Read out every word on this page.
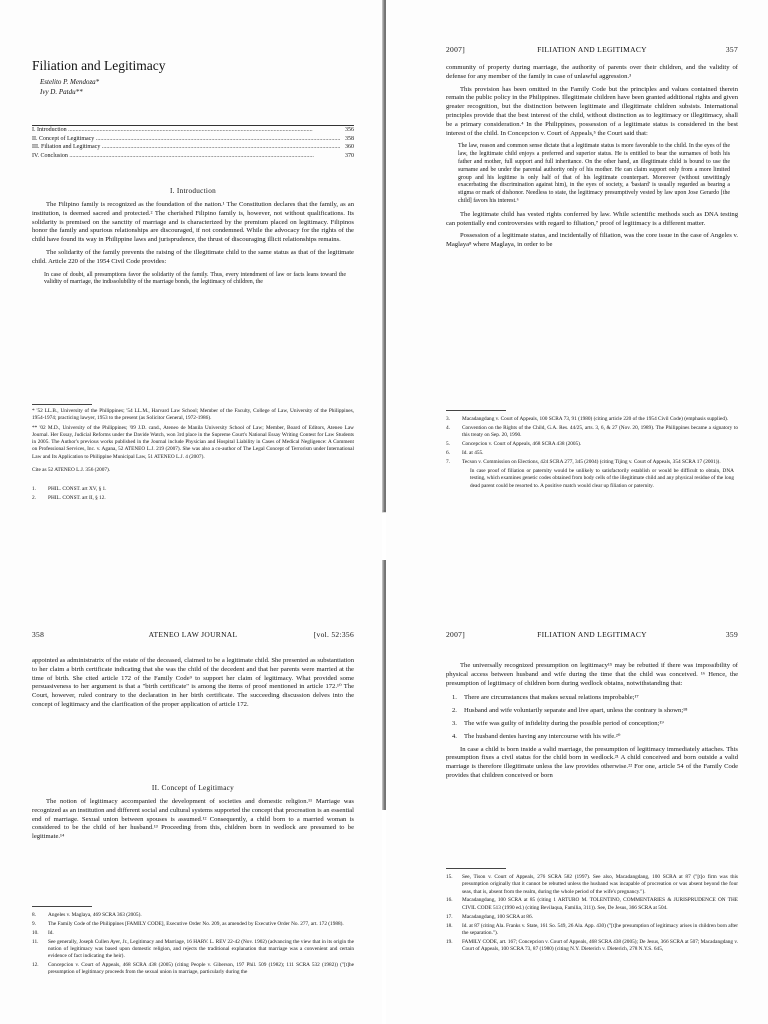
Filiation and Legitimacy
Estelito P. Mendoza*
Ivy D. Patdu**
I. Introduction .....	356
II. Concept of Legitimacy .....	358
III. Filiation and Legitimacy .....	360
IV. Conclusion .....	370
I. Introduction

The Filipino family is recognized as the foundation of the nation.¹ The Constitution declares that the family, as an institution, is deemed sacred and protected.² The cherished Filipino family is, however, not without qualifications. Its solidarity is premised on the sanctity of marriage and is characterized by the premium placed on legitimacy. Filipinos honor the family and spurious relationships are discouraged, if not condemned. While the advocacy for the rights of the child have found its way in Philippine laws and jurisprudence, the thrust of discouraging illicit relationships remains.

The solidarity of the family prevents the raising of the illegitimate child to the same status as that of the legitimate child. Article 220 of the 1954 Civil Code provides:

In case of doubt, all presumptions favor the solidarity of the family. Thus, every intendment of law or facts leans toward the validity of marriage, the indissolubility of the marriage bonds, the legitimacy of children, the

* '52 LL.B., University of the Philippines; '54 LL.M., Harvard Law School; Member of the Faculty, College of Law, University of the Philippines, 1954-1974; practicing lawyer, 1953 to the present (as Solicitor General, 1972-1986).

** '02 M.D., University of the Philippines; '09 J.D. cand., Ateneo de Manila University School of Law; Member, Board of Editors, Ateneo Law Journal. Her Essay, Judicial Reforms under the Davide Watch, won 3rd place in the Supreme Court's National Essay Writing Contest for Law Students in 2005. The Author's previous works published in the Journal include Physician and Hospital Liability in Cases of Medical Negligence: A Comment on Professional Services, Inc. v. Agana, 52 ATENEO L.J. 219 (2007). She was also a co-author of The Legal Concept of Terrorism under International Law and Its Application to Philippine Municipal Law, 51 ATENEO L.J. 4 (2007).

Cite as 52 ATENEO L.J. 356 (2007).

1. PHIL. CONST. art XV, § 1.
2. PHIL. CONST. art II, § 12.
2007]	FILIATION AND LEGITIMACY	357

community of property during marriage, the authority of parents over their children, and the validity of defense for any member of the family in case of unlawful aggression.³

This provision has been omitted in the Family Code but the principles and values contained therein remain the public policy in the Philippines. Illegitimate children have been granted additional rights and given greater recognition, but the distinction between legitimate and illegitimate children subsists. International principles provide that the best interest of the child, without distinction as to legitimacy or illegitimacy, shall be a primary consideration.⁴ In the Philippines, possession of a legitimate status is considered in the best interest of the child. In Concepcion v. Court of Appeals,⁵ the Court said that:

The law, reason and common sense dictate that a legitimate status is more favorable to the child. In the eyes of the law, the legitimate child enjoys a preferred and superior status. He is entitled to bear the surnames of both his father and mother, full support and full inheritance. On the other hand, an illegitimate child is bound to use the surname and be under the parental authority only of his mother. He can claim support only from a more limited group and his legitime is only half of that of his legitimate counterpart. Moreover (without unwittingly exacerbating the discrimination against him), in the eyes of society, a 'bastard' is usually regarded as bearing a stigma or mark of dishonor. Needless to state, the legitimacy presumptively vested by law upon Jose Gerardo [the child] favors his interest.⁶

The legitimate child has vested rights conferred by law. While scientific methods such as DNA testing can potentially end controversies with regard to filiation,⁷ proof of legitimacy is a different matter.

Possession of a legitimate status, and incidentally of filiation, was the core issue in the case of Angeles v. Maglaya⁸ where Maglaya, in order to be

3. Macadangdang v. Court of Appeals, 100 SCRA 73, 91 (1980) (citing article 220 of the 1954 Civil Code) (emphasis supplied).
4. Convention on the Rights of the Child, G.A. Res. 44/25, arts. 3, 6, & 27 (Nov. 20, 1989). The Philippines became a signatory to this treaty on Sep. 20, 1990.
5. Concepcion v. Court of Appeals, 468 SCRA 438 (2005).
6. Id. at 455.
7. Tecson v. Commission on Elections, 424 SCRA 277, 345 (2004) (citing Tijing v. Court of Appeals, 354 SCRA 17 (2001)).

In case proof of filiation or paternity would be unlikely to satisfactorily establish or would be difficult to obtain, DNA testing, which examines genetic codes obtained from body cells of the illegitimate child and any physical residue of the long dead parent could be resorted to. A positive match would clear up filiation or paternity.

358	ATENEO LAW JOURNAL	[vol. 52:356

appointed as administratrix of the estate of the deceased, claimed to be a legitimate child. She presented as substantiation to her claim a birth certificate indicating that she was the child of the decedent and that her parents were married at the time of birth. She cited article 172 of the Family Code⁹ to support her claim of legitimacy. What provided some persuasiveness to her argument is that a "birth certificate" is among the items of proof mentioned in article 172.¹⁰ The Court, however, ruled contrary to the declaration in her birth certificate. The succeeding discussion delves into the concept of legitimacy and the clarification of the proper application of article 172.

II. Concept of Legitimacy

The notion of legitimacy accompanied the development of societies and domestic religion.¹¹ Marriage was recognized as an institution and different social and cultural systems supported the concept that procreation is an essential end of marriage. Sexual union between spouses is assumed.¹² Consequently, a child born to a married woman is considered to be the child of her husband.¹³ Proceeding from this, children born in wedlock are presumed to be legitimate.¹⁴

8. Angeles v. Maglaya, 469 SCRA 363 (2005).
9. The Family Code of the Philippines [FAMILY CODE], Executive Order No. 209, as amended by Executive Order No. 277, art. 172 (1988).
10. Id.
11. See generally, Joseph Cullen Ayer, Jr., Legitimacy and Marriage, 16 HARV. L. REV 22-42 (Nov. 1902) (advancing the view that in its origin the notion of legitimacy was based upon domestic religion, and rejects the traditional explanation that marriage was a convenient and certain evidence of fact indicating the heir).
12. Concepcion v. Court of Appeals, 468 SCRA 438 (2005) (citing People v. Giberson, 197 Phil. 509 (1982); 111 SCRA 532 (1982)) ("[t]he presumption of legitimacy proceeds from the sexual union in marriage, particularly during the
2007]	FILIATION AND LEGITIMACY	359

The universally recognized presumption on legitimacy¹⁵ may be rebutted if there was impossibility of physical access between husband and wife during the time that the child was conceived. ¹⁶ Hence, the presumption of legitimacy of children born during wedlock obtains, notwithstanding that:

1. There are circumstances that makes sexual relations improbable;¹⁷
2. Husband and wife voluntarily separate and live apart, unless the contrary is shown;¹⁸
3. The wife was guilty of infidelity during the possible period of conception;¹⁹
4. The husband denies having any intercourse with his wife.²⁰

In case a child is born inside a valid marriage, the presumption of legitimacy immediately attaches. This presumption fixes a civil status for the child born in wedlock.²¹ A child conceived and born outside a valid marriage is therefore illegitimate unless the law provides otherwise.²² For one, article 54 of the Family Code provides that children conceived or born

15. See, Tison v. Court of Appeals, 276 SCRA 582 (1997). See also, Macadangdang, 100 SCRA at 87 ("[t]o firm was this presumption originally that it cannot be rebutted unless the husband was incapable of procreation or was absent beyond the four seas, that is, absent from the realm, during the whole period of the wife's pregnancy.").
16. Macadangdang, 100 SCRA at 85 (citing 1 ARTURO M. TOLENTINO, COMMENTARIES & JURISPRUDENCE ON THE CIVIL CODE 513 (1990 ed.) (citing Bevilaqua, Familia, 311)). See, De Jesus, 366 SCRA at 504.
17. Macadangdang, 100 SCRA at 86.
18. Id. at 87 (citing Ala. Franks v. State, 161 So. 549, 26 Ala. App. 430) ("[t]he presumption of legitimacy arises in children born after the separation.").
19. FAMILY CODE, art. 167; Concepcion v. Court of Appeals, 468 SCRA 438 (2005); De Jesus, 366 SCRA at 507; Macadangdang v. Court of Appeals, 100 SCRA 73, 87 (1980) (citing N.Y. Dieterich v. Dieterich, 278 N.Y.S. 645,
